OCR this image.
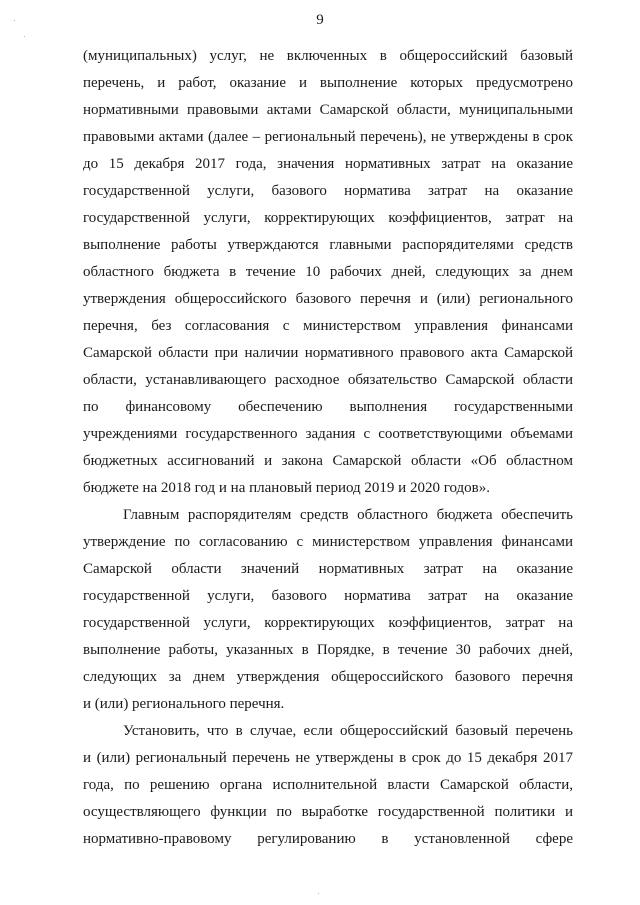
9
(муниципальных) услуг, не включенных в общероссийский базовый
перечень, и работ, оказание и выполнение которых предусмотрено
нормативными правовыми актами Самарской области, муниципальными
правовыми актами (далее – региональный перечень), не утверждены в срок
до 15 декабря 2017 года, значения нормативных затрат на оказание
государственной услуги, базового норматива затрат на оказание
государственной услуги, корректирующих коэффициентов, затрат на
выполнение работы утверждаются главными распорядителями средств
областного бюджета в течение 10 рабочих дней, следующих за днем
утверждения общероссийского базового перечня и (или) регионального
перечня, без согласования с министерством управления финансами
Самарской области при наличии нормативного правового акта Самарской
области, устанавливающего расходное обязательство Самарской области
по финансовому обеспечению выполнения государственными
учреждениями государственного задания с соответствующими объемами
бюджетных ассигнований и закона Самарской области «Об областном
бюджете на 2018 год и на плановый период 2019 и 2020 годов».
Главным распорядителям средств областного бюджета обеспечить
утверждение по согласованию с министерством управления финансами
Самарской области значений нормативных затрат на оказание
государственной услуги, базового норматива затрат на оказание
государственной услуги, корректирующих коэффициентов, затрат на
выполнение работы, указанных в Порядке, в течение 30 рабочих дней,
следующих за днем утверждения общероссийского базового перечня
и (или) регионального перечня.
Установить, что в случае, если общероссийский базовый перечень
и (или) региональный перечень не утверждены в срок до 15 декабря 2017
года, по решению органа исполнительной власти Самарской области,
осуществляющего функции по выработке государственной политики и
нормативно-правовому регулированию в установленной сфере
